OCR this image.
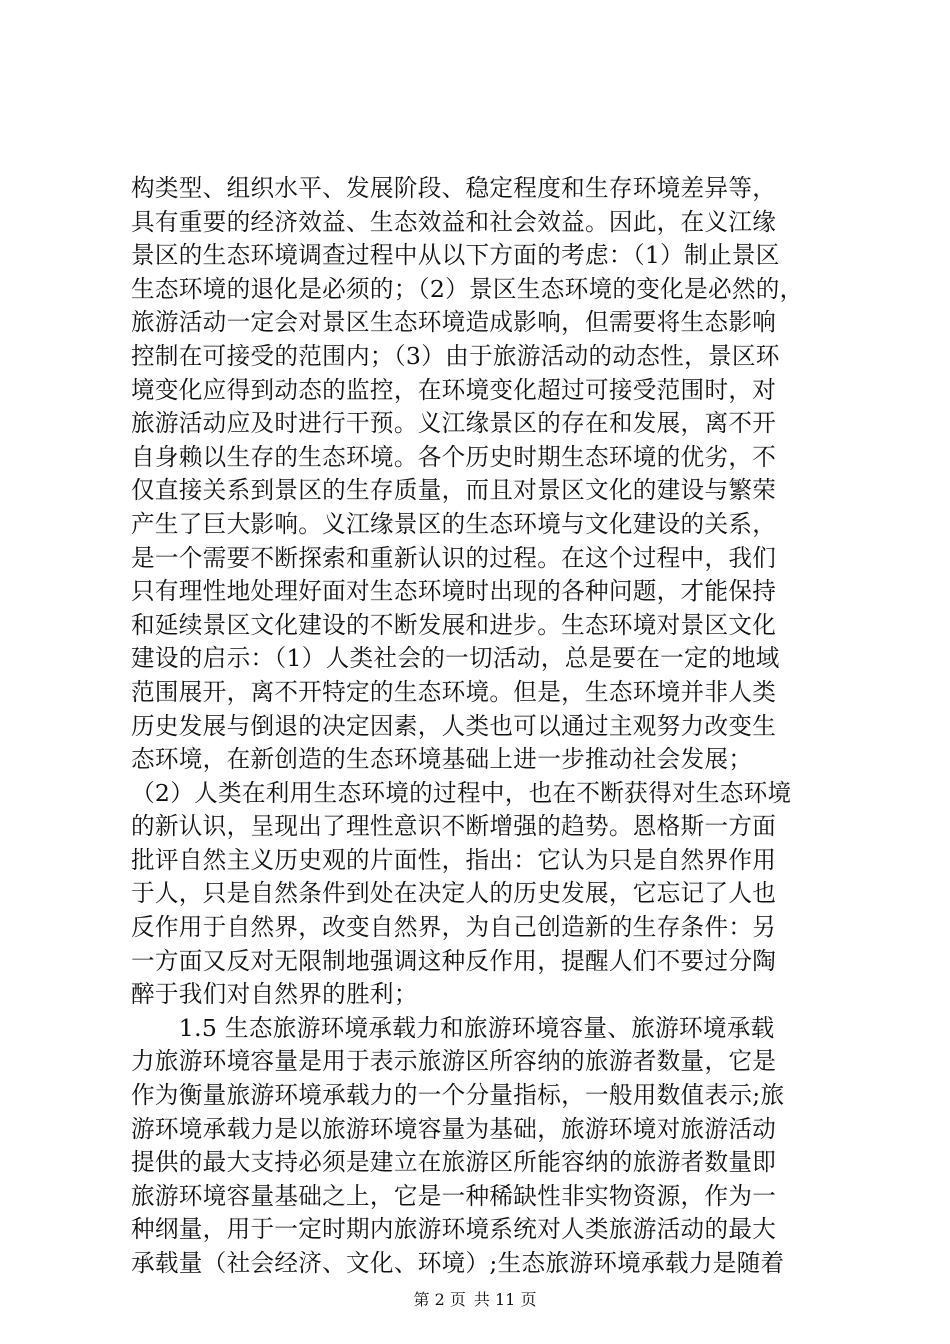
构类型、组织水平、发展阶段、稳定程度和生存环境差异等，
具有重要的经济效益、生态效益和社会效益。因此，在义江缘
景区的生态环境调查过程中从以下方面的考虑：（1）制止景区
生态环境的退化是必须的；（2）景区生态环境的变化是必然的，
旅游活动一定会对景区生态环境造成影响，但需要将生态影响
控制在可接受的范围内；（3）由于旅游活动的动态性，景区环
境变化应得到动态的监控，在环境变化超过可接受范围时，对
旅游活动应及时进行干预。义江缘景区的存在和发展，离不开
自身赖以生存的生态环境。各个历史时期生态环境的优劣，不
仅直接关系到景区的生存质量，而且对景区文化的建设与繁荣
产生了巨大影响。义江缘景区的生态环境与文化建设的关系，
是一个需要不断探索和重新认识的过程。在这个过程中，我们
只有理性地处理好面对生态环境时出现的各种问题，才能保持
和延续景区文化建设的不断发展和进步。生态环境对景区文化
建设的启示：（1）人类社会的一切活动，总是要在一定的地域
范围展开，离不开特定的生态环境。但是，生态环境并非人类
历史发展与倒退的决定因素，人类也可以通过主观努力改变生
态环境，在新创造的生态环境基础上进一步推动社会发展；
（2）人类在利用生态环境的过程中，也在不断获得对生态环境
的新认识，呈现出了理性意识不断增强的趋势。恩格斯一方面
批评自然主义历史观的片面性，指出：它认为只是自然界作用
于人，只是自然条件到处在决定人的历史发展，它忘记了人也
反作用于自然界，改变自然界，为自己创造新的生存条件：另
一方面又反对无限制地强调这种反作用，提醒人们不要过分陶
醉于我们对自然界的胜利；
　　1.5 生态旅游环境承载力和旅游环境容量、旅游环境承载
力旅游环境容量是用于表示旅游区所容纳的旅游者数量，它是
作为衡量旅游环境承载力的一个分量指标，一般用数值表示;旅
游环境承载力是以旅游环境容量为基础，旅游环境对旅游活动
提供的最大支持必须是建立在旅游区所能容纳的旅游者数量即
旅游环境容量基础之上，它是一种稀缺性非实物资源，作为一
种纲量，用于一定时期内旅游环境系统对人类旅游活动的最大
承载量（社会经济、文化、环境）;生态旅游环境承载力是随着
第 2 页 共 11 页
